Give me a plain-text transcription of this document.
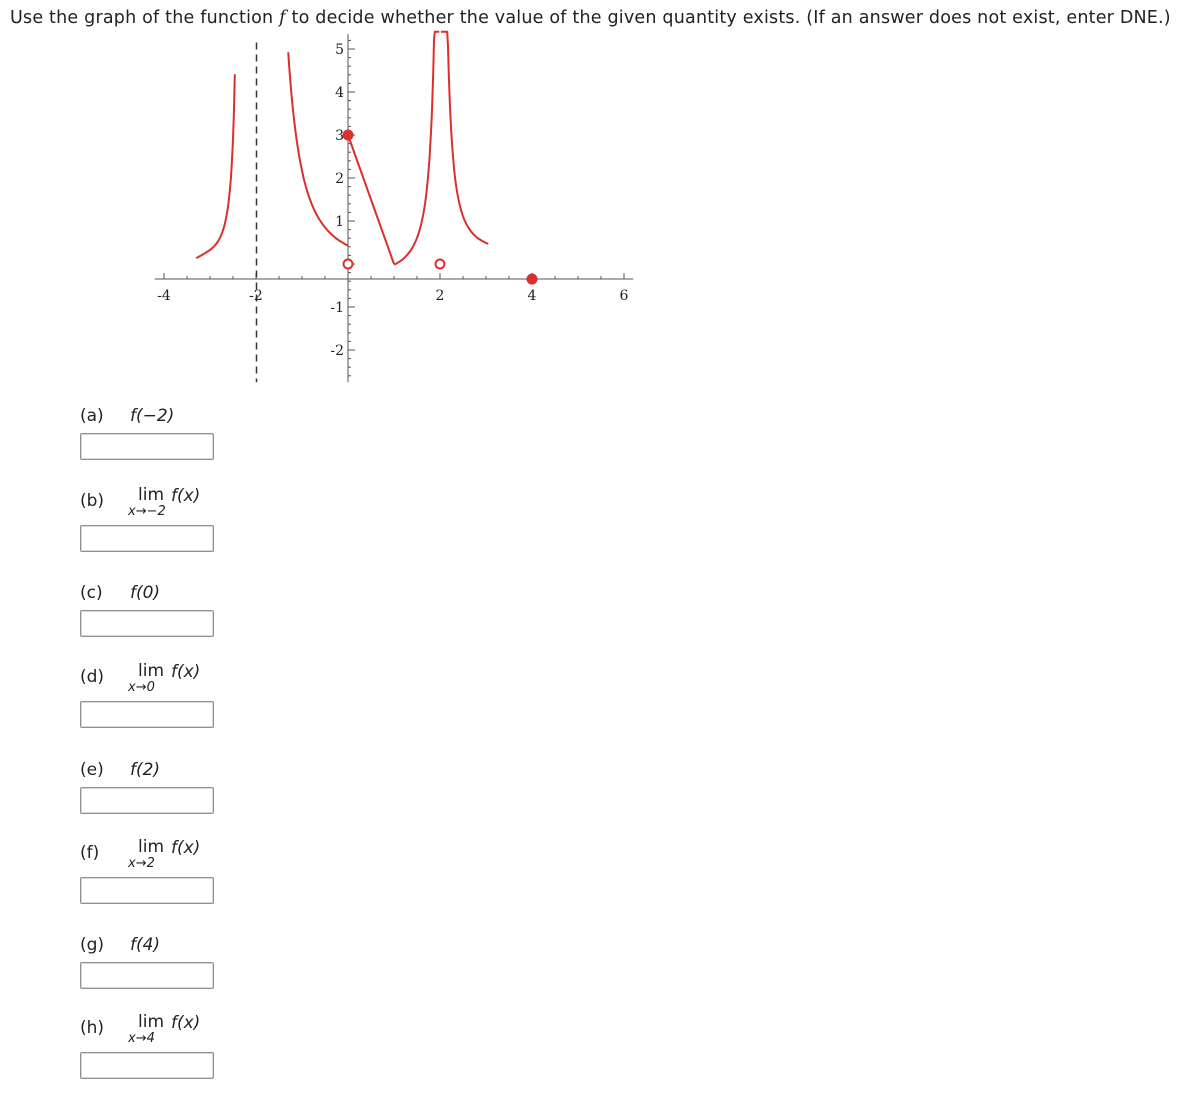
Use the graph of the function f to decide whether the value of the given quantity exists. (If an answer does not exist, enter DNE.)
-4	-2	2	4	6
5
4
3
2
1
-1
-2
(a) f(−2)
(b) lim
x→−2
f(x)
(c) f(0)
(d) lim
x→0
f(x)
(e) f(2)
(f) lim
x→2
f(x)
(g) f(4)
(h) lim
x→4
f(x)
